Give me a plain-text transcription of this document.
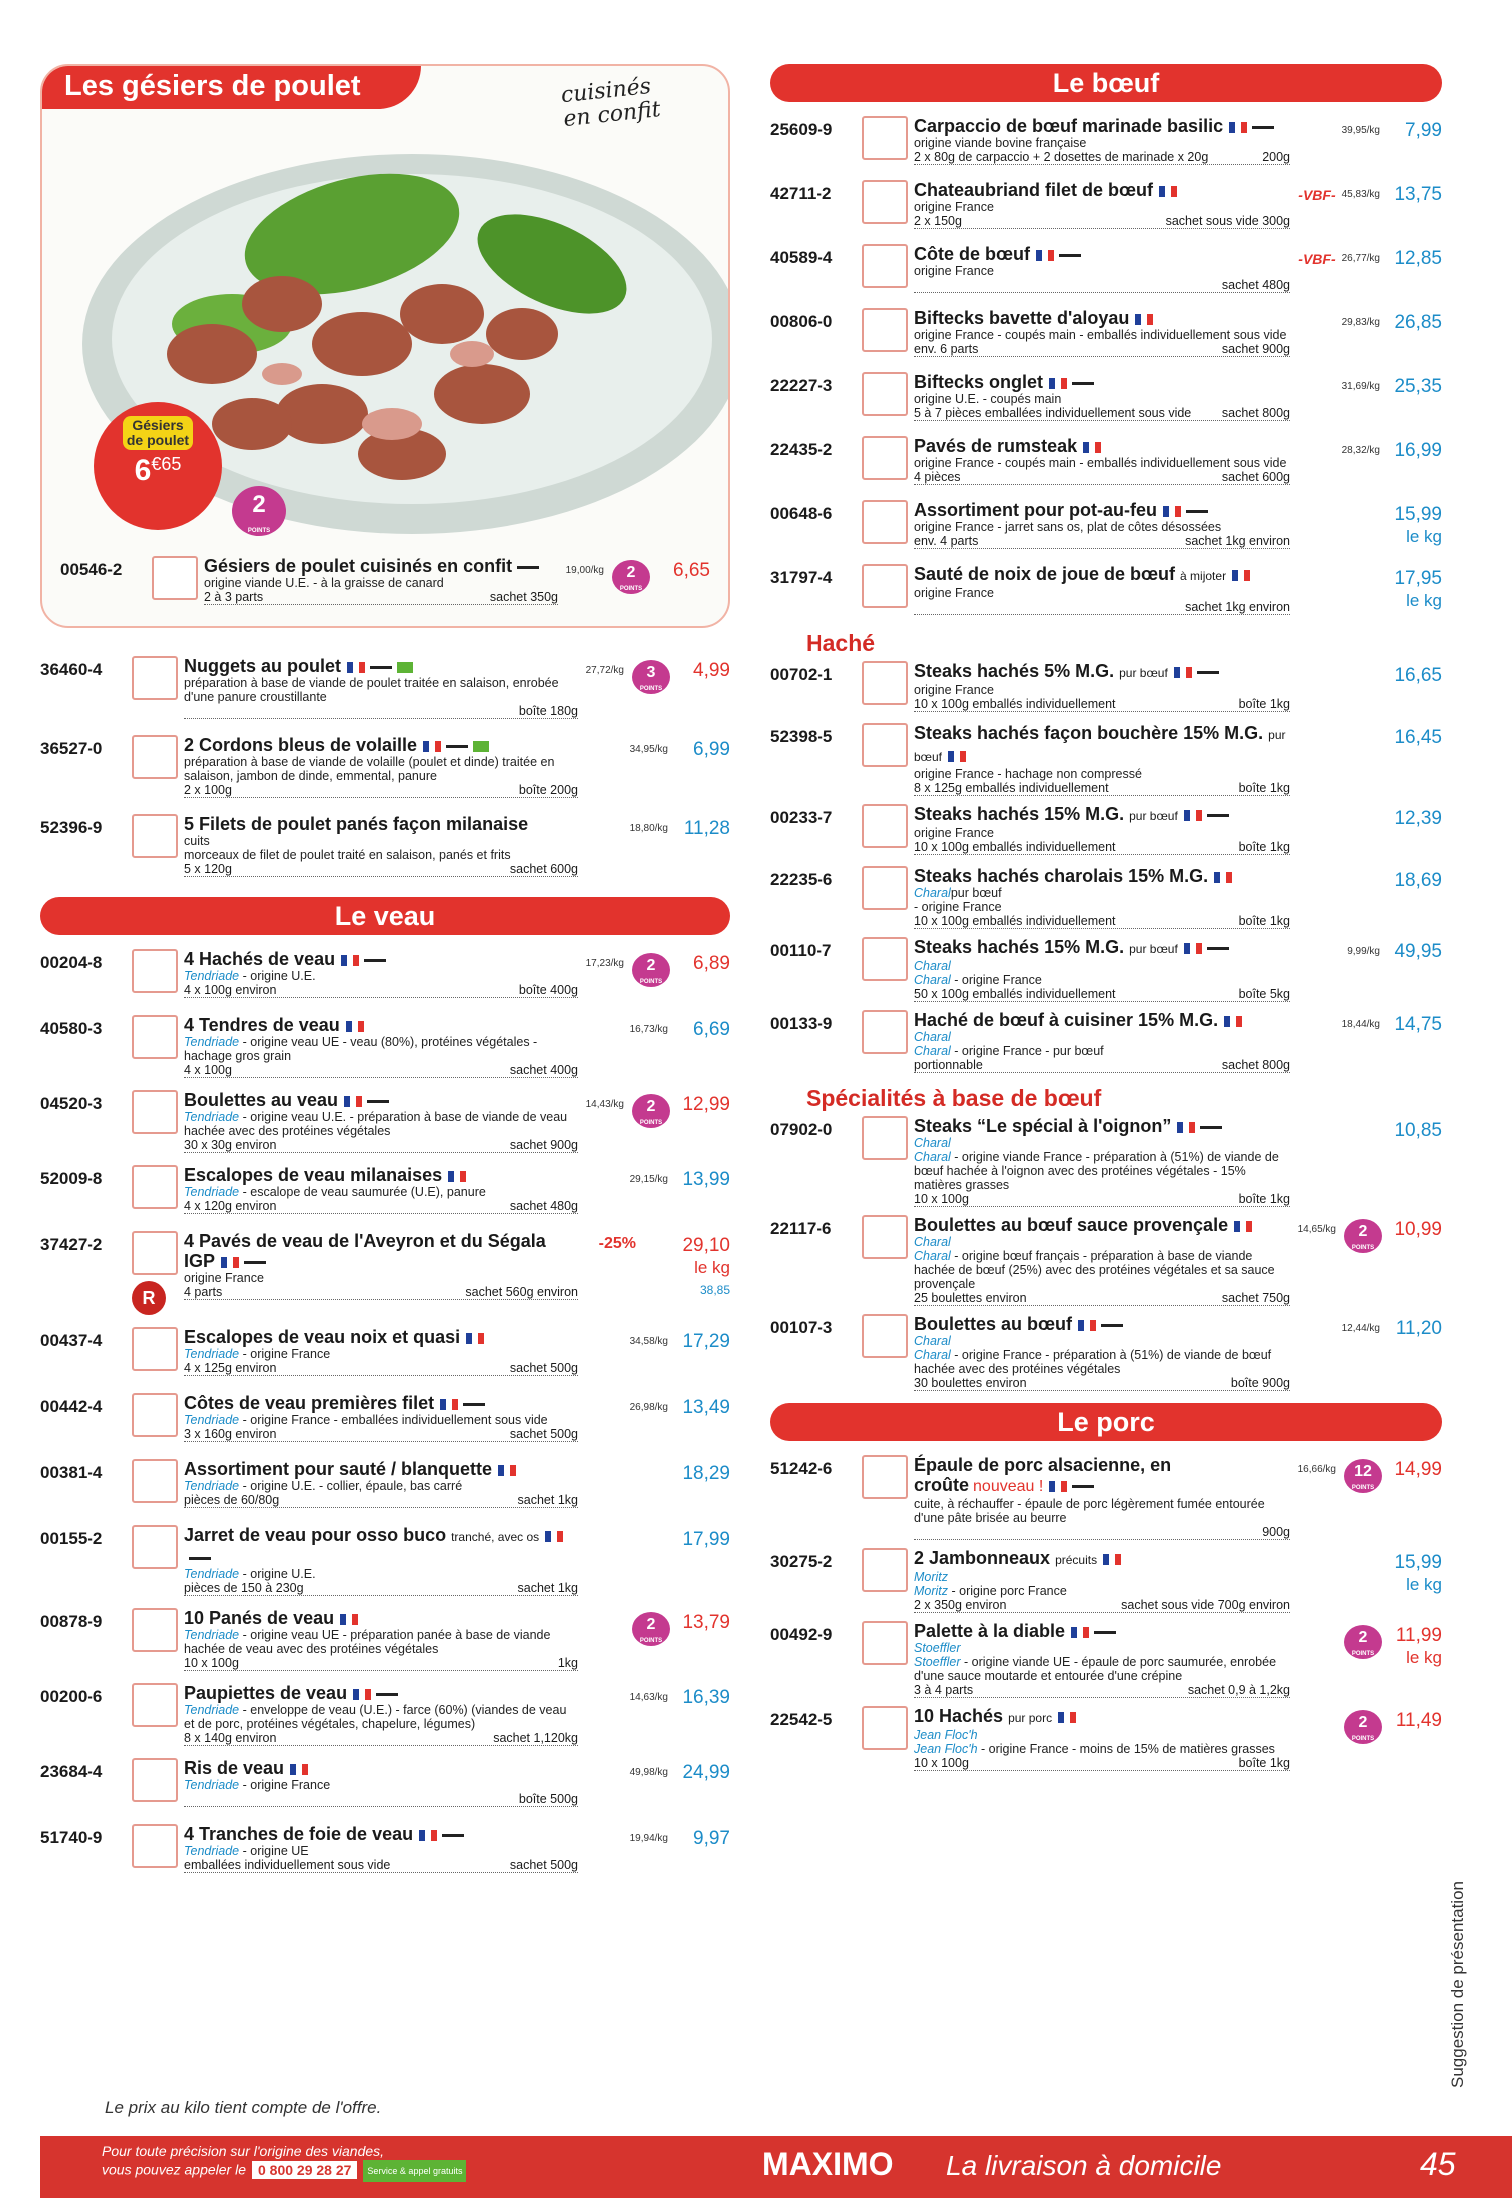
Les gésiers de poulet	cuisinés en confit
Gésiers de poulet
6€65
2
POINTS
00546-2	Gésiers de poulet cuisinés en confit
origine viande U.E. - à la graisse de canard
2 à 3 parts	sachet 350g
19,00/kg	2
POINTS
6,65
36460-4	Nuggets au poulet
préparation à base de viande de poulet traitée en salaison, enrobée d'une panure croustillante
boîte 180g
27,72/kg	3
POINTS
4,99
36527-0	2 Cordons bleus de volaille
préparation à base de viande de volaille (poulet et dinde) traitée en salaison, jambon de dinde, emmental, panure
2 x 100g	boîte 200g
34,95/kg	6,99
52396-9	5 Filets de poulet panés façon milanaise
cuits
morceaux de filet de poulet traité en salaison, panés et frits
5 x 120g	sachet 600g
18,80/kg 11,28
Le veau
00204-8	4 Hachés de veau
Tendriade - origine U.E.
4 x 100g environ	boîte 400g
17,23/kg	2
POINTS
6,89
40580-3	4 Tendres de veau
Tendriade - origine veau UE - veau (80%), protéines végétales - hachage gros grain
4 x 100g	sachet 400g
16,73/kg	6,69
04520-3	Boulettes au veau
Tendriade - origine veau U.E. - préparation à base de viande de veau hachée avec des protéines végétales
30 x 30g environ	sachet 900g
14,43/kg	2
POINTS
12,99
52009-8	Escalopes de veau milanaises
Tendriade - escalope de veau saumurée (U.E), panure
4 x 120g environ	sachet 480g
29,15/kg 13,99
37427-2
R
4 Pavés de veau de l'Aveyron et du Ségala IGP
origine France
4 parts	sachet 560g environ
-25%	29,10
le kg
38,85
00437-4	Escalopes de veau noix et quasi
Tendriade - origine France
4 x 125g environ	sachet 500g
34,58/kg 17,29
00442-4	Côtes de veau premières filet
Tendriade - origine France - emballées individuellement sous vide
3 x 160g environ	sachet 500g
26,98/kg 13,49
00381-4	Assortiment pour sauté / blanquette
Tendriade - origine U.E. - collier, épaule, bas carré
pièces de 60/80g	sachet 1kg
18,29
00155-2	Jarret de veau pour osso buco tranché, avec os
Tendriade - origine U.E.
pièces de 150 à 230g	sachet 1kg
17,99
00878-9	10 Panés de veau
Tendriade - origine veau UE - préparation panée à base de viande hachée de veau avec des protéines végétales
10 x 100g	1kg
2
POINTS
13,79
00200-6	Paupiettes de veau
Tendriade - enveloppe de veau (U.E.) - farce (60%) (viandes de veau et de porc, protéines végétales, chapelure, légumes)
8 x 140g environ	sachet 1,120kg
14,63/kg 16,39
23684-4	Ris de veau
Tendriade - origine France
boîte 500g
49,98/kg 24,99
51740-9	4 Tranches de foie de veau
Tendriade - origine UE
emballées individuellement sous vide	sachet 500g
19,94/kg	9,97
Le bœuf
25609-9	Carpaccio de bœuf marinade basilic
origine viande bovine française
2 x 80g de carpaccio + 2 dosettes de marinade x 20g	200g
39,95/kg	7,99
42711-2	Chateaubriand filet de bœuf
origine France
2 x 150g	sachet sous vide 300g
-VBF- 45,83/kg 13,75
40589-4	Côte de bœuf
origine France
sachet 480g
-VBF- 26,77/kg 12,85
00806-0	Biftecks bavette d'aloyau
origine France - coupés main - emballés individuellement sous vide
env. 6 parts	sachet 900g
29,83/kg 26,85
22227-3	Biftecks onglet
origine U.E. - coupés main
5 à 7 pièces emballées individuellement sous vide sachet 800g
31,69/kg 25,35
22435-2	Pavés de rumsteak
origine France - coupés main - emballés individuellement sous vide
4 pièces	sachet 600g
28,32/kg 16,99
00648-6	Assortiment pour pot-au-feu
origine France - jarret sans os, plat de côtes désossées
env. 4 parts	sachet 1kg environ
15,99
le kg
31797-4	Sauté de noix de joue de bœuf à mijoter
origine France
sachet 1kg environ
17,95
le kg
Haché
00702-1	Steaks hachés 5% M.G. pur bœuf
origine France
10 x 100g emballés individuellement	boîte 1kg
16,65
52398-5	Steaks hachés façon bouchère 15% M.G. pur bœuf
origine France - hachage non compressé
8 x 125g emballés individuellement	boîte 1kg
16,45
00233-7	Steaks hachés 15% M.G. pur bœuf
origine France
10 x 100g emballés individuellement	boîte 1kg
12,39
22235-6	Steaks hachés charolais 15% M.G.
Charalpur bœuf
- origine France
10 x 100g emballés individuellement	boîte 1kg
18,69
00110-7	Steaks hachés 15% M.G. pur bœuf
Charal
Charal - origine France
50 x 100g emballés individuellement	boîte 5kg
9,99/kg 49,95
00133-9	Haché de bœuf à cuisiner 15% M.G.
Charal
Charal - origine France - pur bœuf
portionnable	sachet 800g
18,44/kg 14,75
Spécialités à base de bœuf
07902-0	Steaks “Le spécial à l'oignon”
Charal
Charal - origine viande France - préparation à (51%) de viande de bœuf hachée à l'oignon avec des protéines végétales - 15% matières grasses
10 x 100g	boîte 1kg
10,85
22117-6	Boulettes au bœuf sauce provençale
Charal
Charal - origine bœuf français - préparation à base de viande hachée de bœuf (25%) avec des protéines végétales et sa sauce provençale
25 boulettes environ	sachet 750g
14,65/kg	2
POINTS
10,99
00107-3	Boulettes au bœuf
Charal
Charal - origine France - préparation à (51%) de viande de bœuf hachée avec des protéines végétales
30 boulettes environ	boîte 900g
12,44/kg 11,20
Le porc
51242-6	Épaule de porc alsacienne, en croûte nouveau !
cuite, à réchauffer - épaule de porc légèrement fumée entourée d'une pâte brisée au beurre
900g
16,66/kg	12
POINTS
14,99
30275-2	2 Jambonneaux précuits
Moritz
Moritz - origine porc France
2 x 350g environ	sachet sous vide 700g environ
15,99
le kg
00492-9	Palette à la diable
Stoeffler
Stoeffler - origine viande UE - épaule de porc saumurée, enrobée d'une sauce moutarde et entourée d'une crépine
3 à 4 parts	sachet 0,9 à 1,2kg
2
POINTS
11,99
le kg
22542-5	10 Hachés pur porc
Jean Floc'h
Jean Floc'h - origine France - moins de 15% de matières grasses
10 x 100g	boîte 1kg
2
POINTS
11,49
Le prix au kilo tient compte de l'offre.
Suggestion de présentation
Pour toute précision sur l'origine des viandes,
vous pouvez appeler le 0 800 29 28 27 Service & appel gratuits	MAXIMO La livraison à domicile	45
